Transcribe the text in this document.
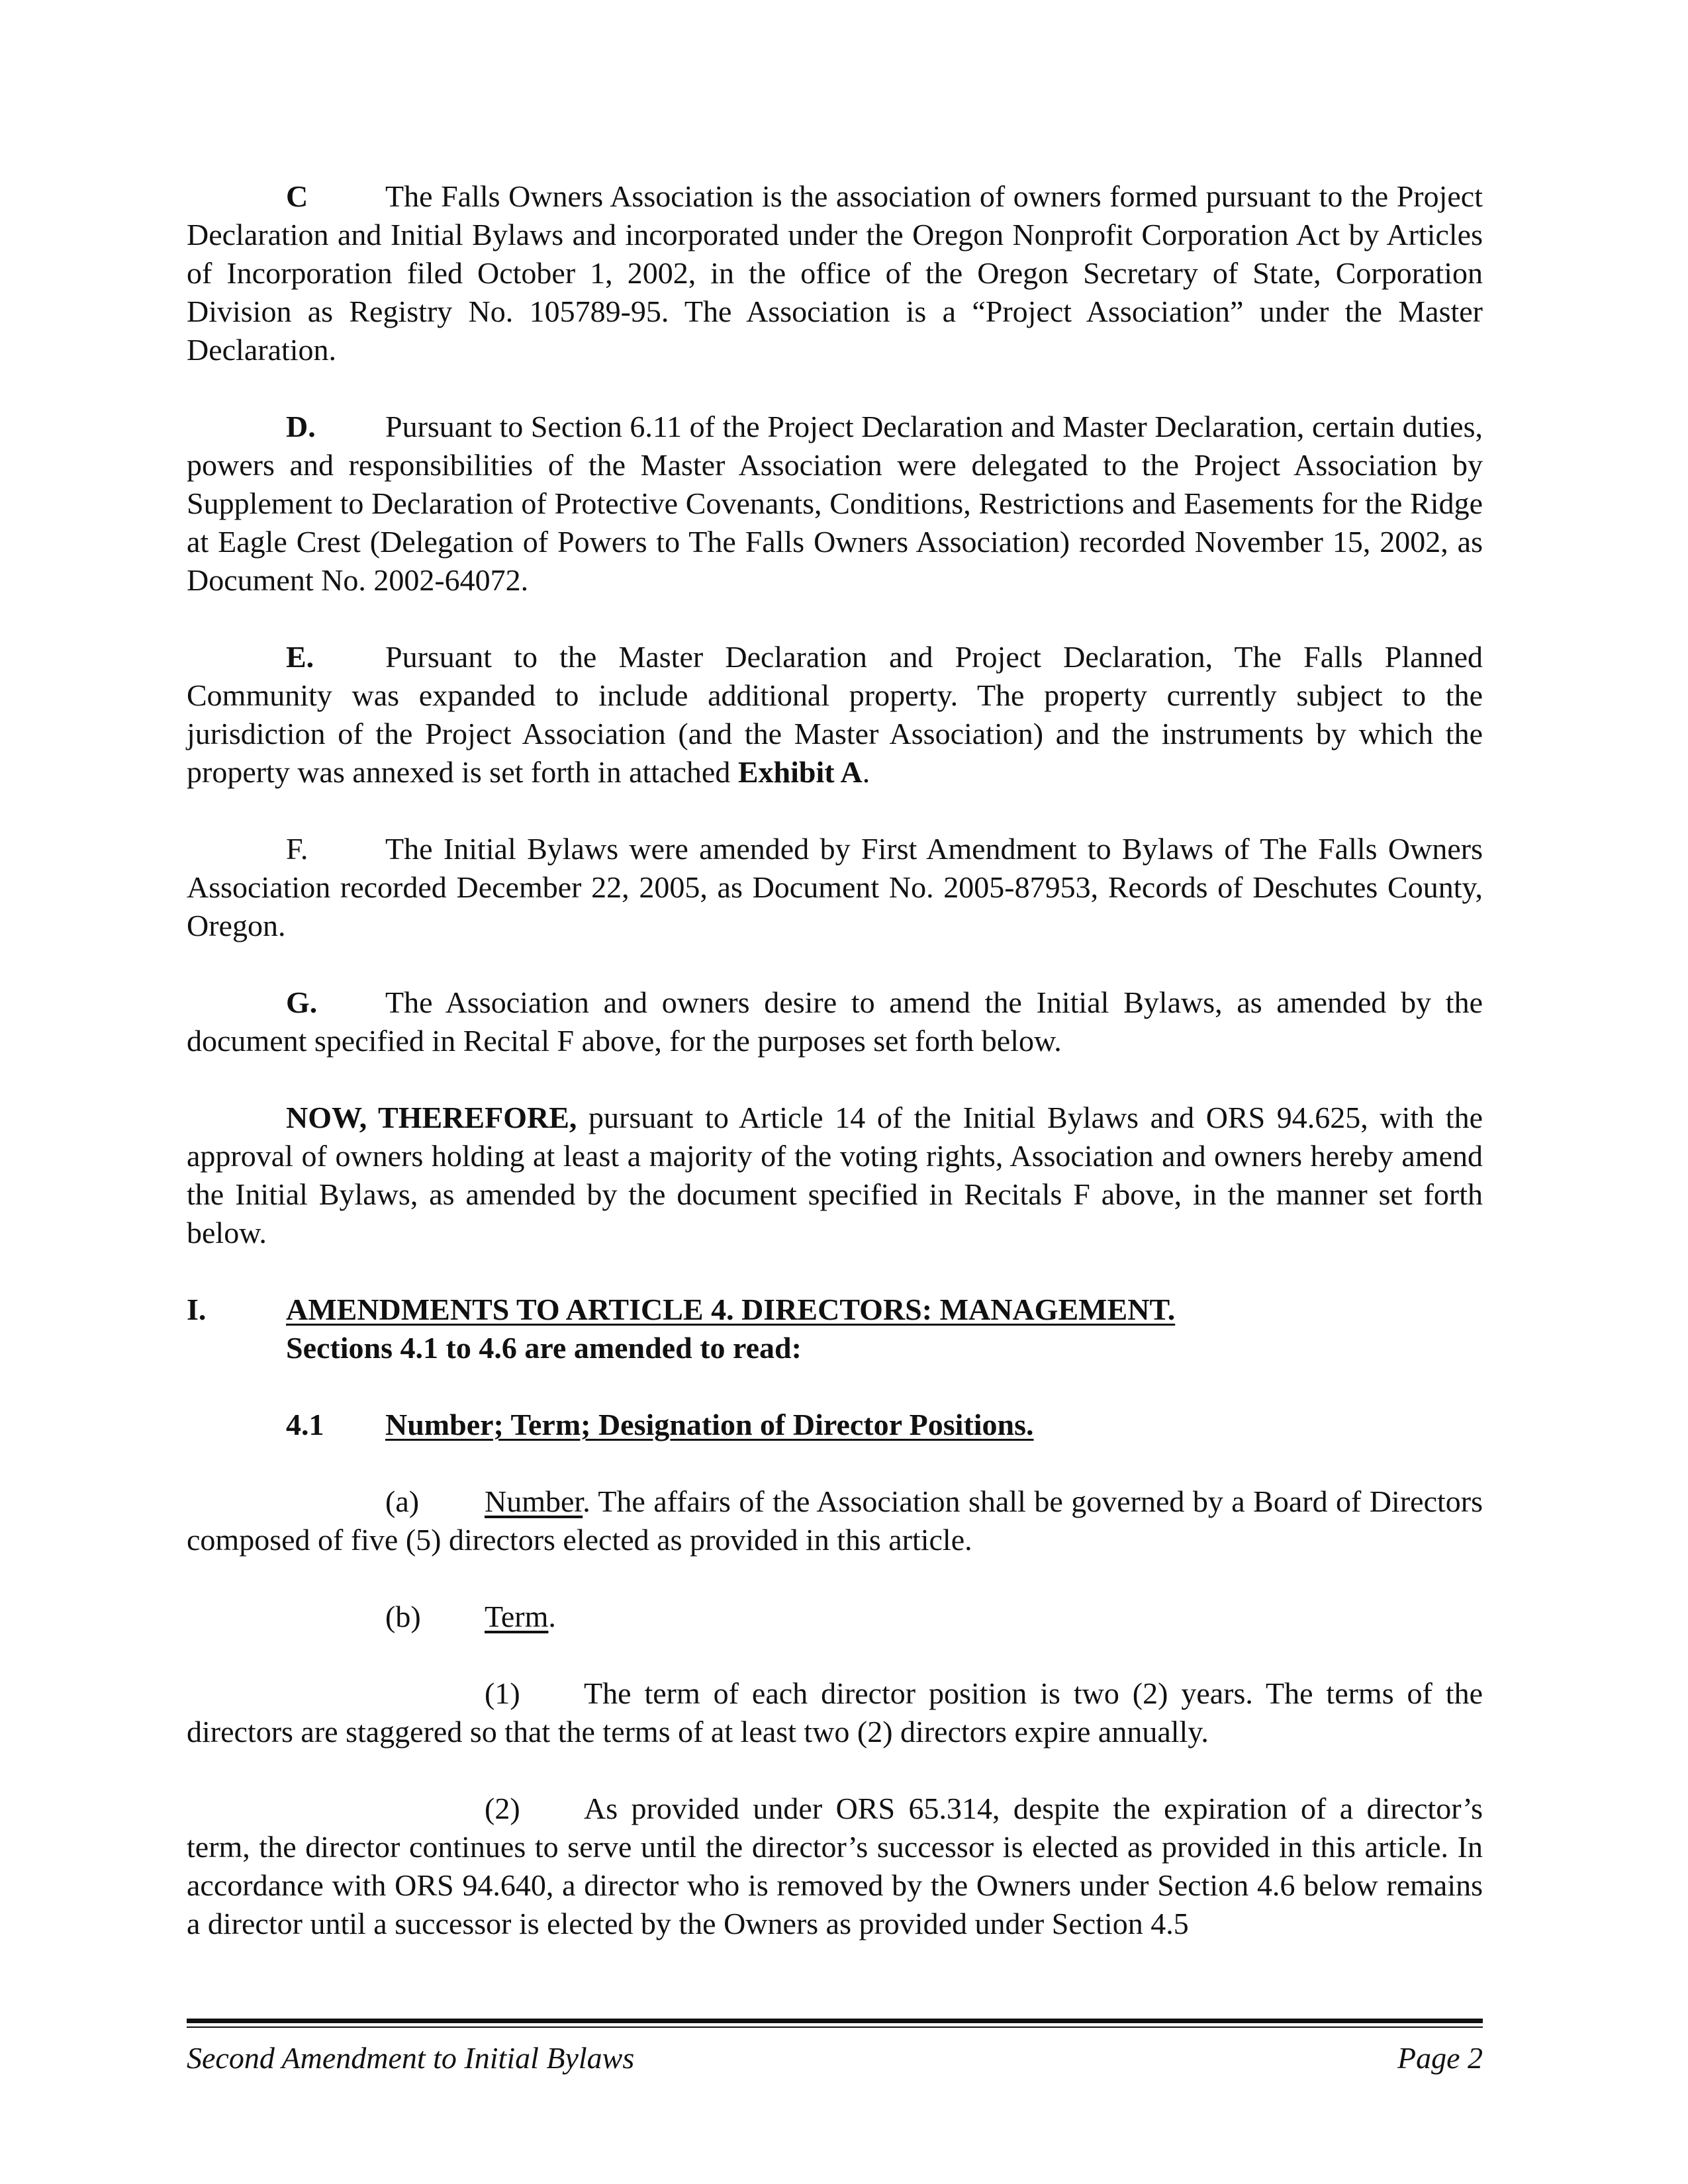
C	The Falls Owners Association is the association of owners formed pursuant to the Project Declaration and Initial Bylaws and incorporated under the Oregon Nonprofit Corporation Act by Articles of Incorporation filed October 1, 2002, in the office of the Oregon Secretary of State, Corporation Division as Registry No. 105789-95. The Association is a “Project Association” under the Master Declaration.

D. Pursuant to Section 6.11 of the Project Declaration and Master Declaration, certain duties, powers and responsibilities of the Master Association were delegated to the Project Association by Supplement to Declaration of Protective Covenants, Conditions, Restrictions and Easements for the Ridge at Eagle Crest (Delegation of Powers to The Falls Owners Association) recorded November 15, 2002, as Document No. 2002-64072.

E. Pursuant to the Master Declaration and Project Declaration, The Falls Planned Community was expanded to include additional property. The property currently subject to the jurisdiction of the Project Association (and the Master Association) and the instruments by which the property was annexed is set forth in attached Exhibit A.

F.	The Initial Bylaws were amended by First Amendment to Bylaws of The Falls Owners Association recorded December 22, 2005, as Document No. 2005-87953, Records of Deschutes County, Oregon.

G. The Association and owners desire to amend the Initial Bylaws, as amended by the document specified in Recital F above, for the purposes set forth below.

NOW, THEREFORE, pursuant to Article 14 of the Initial Bylaws and ORS 94.625, with the approval of owners holding at least a majority of the voting rights, Association and owners hereby amend the Initial Bylaws, as amended by the document specified in Recitals F above, in the manner set forth below.

I.	AMENDMENTS TO ARTICLE 4. DIRECTORS: MANAGEMENT.
Sections 4.1 to 4.6 are amended to read:
4.1	Number; Term; Designation of Director Positions.

(a) Number. The affairs of the Association shall be governed by a Board of Directors composed of five (5) directors elected as provided in this article.

(b) Term.

(1) The term of each director position is two (2) years. The terms of the directors are staggered so that the terms of at least two (2) directors expire annually.

(2) As provided under ORS 65.314, despite the expiration of a director’s term, the director continues to serve until the director’s successor is elected as provided in this article. In accordance with ORS 94.640, a director who is removed by the Owners under Section 4.6 below remains a director until a successor is elected by the Owners as provided under Section 4.5

Second Amendment to Initial Bylaws	Page 2
